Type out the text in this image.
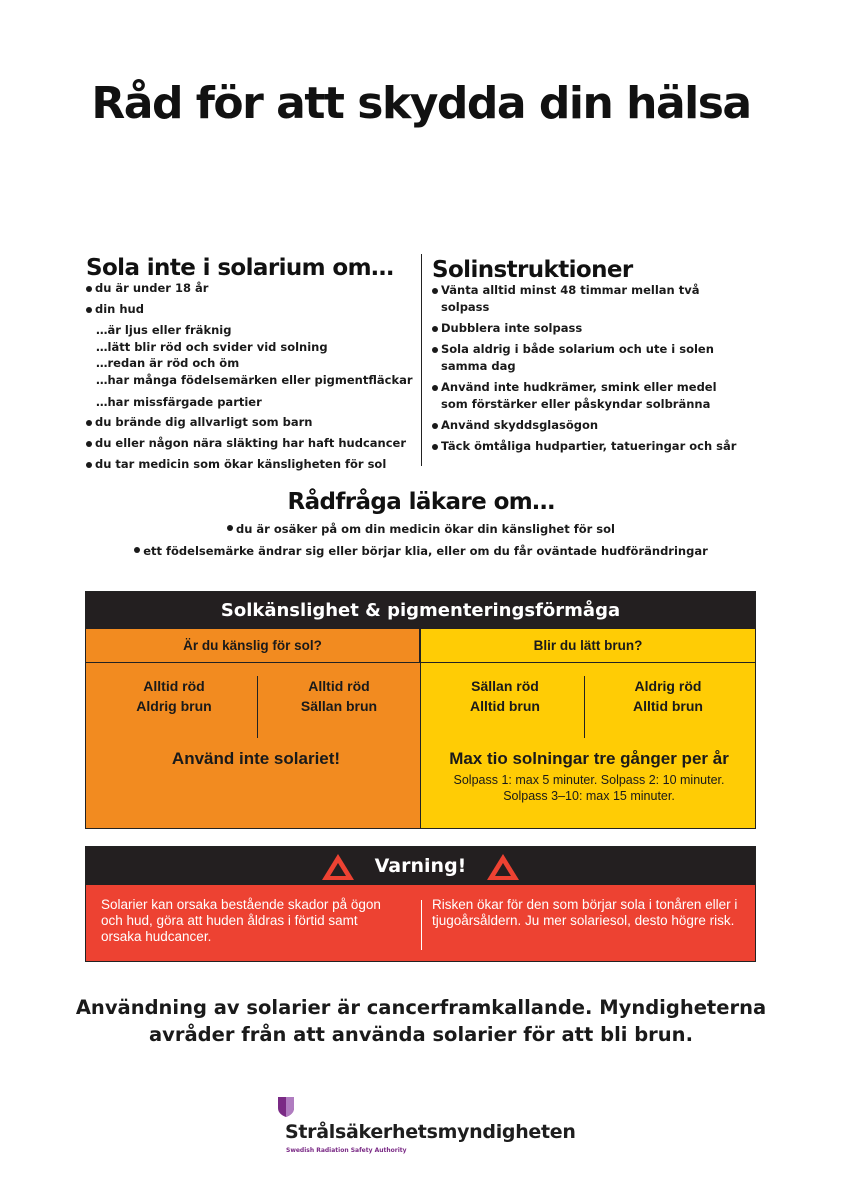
Råd för att skydda din hälsa
Sola inte i solarium om…
du är under 18 år
din hud
…är ljus eller fräknig
…lätt blir röd och svider vid solning
…redan är röd och öm
…har många födelsemärken eller pigmentfläckar
…har missfärgade partier
du brände dig allvarligt som barn
du eller någon nära släkting har haft hudcancer
du tar medicin som ökar känsligheten för sol
Solinstruktioner
Vänta alltid minst 48 timmar mellan två solpass
Dubblera inte solpass
Sola aldrig i både solarium och ute i solen samma dag
Använd inte hudkrämer, smink eller medel som förstärker eller påskyndar solbränna
Använd skyddsglasögon
Täck ömtåliga hudpartier, tatueringar och sår
Rådfråga läkare om…
du är osäker på om din medicin ökar din känslighet för sol
ett födelsemärke ändrar sig eller börjar klia, eller om du får oväntade hudförändringar
Solkänslighet & pigmenteringsförmåga
Är du känslig för sol?
Alltid röd
Aldrig brun
Alltid röd
Sällan brun
Använd inte solariet!
Blir du lätt brun?
Sällan röd
Alltid brun
Aldrig röd
Alltid brun
Max tio solningar tre gånger per år
Solpass 1: max 5 minuter. Solpass 2: 10 minuter.
Solpass 3–10: max 15 minuter.
Varning!
Solarier kan orsaka bestående skador på ögon och hud, göra att huden åldras i förtid samt orsaka hudcancer.
Risken ökar för den som börjar sola i tonåren eller i tjugoårsåldern. Ju mer solariesol, desto högre risk.
Användning av solarier är cancerframkallande. Myndigheterna
avråder från att använda solarier för att bli brun.
Strålsäkerhetsmyndigheten
Swedish Radiation Safety Authority
